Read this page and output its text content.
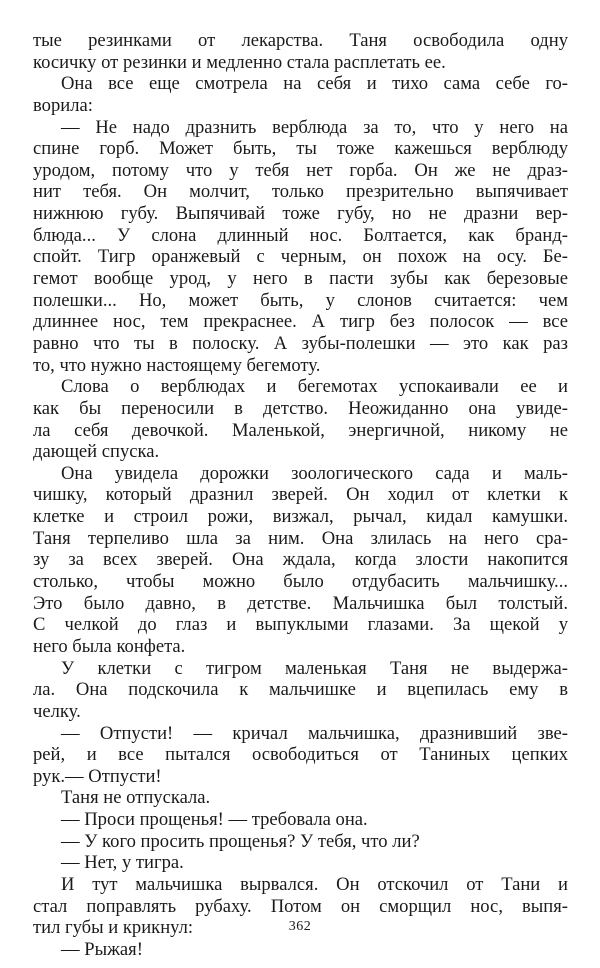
тые резинками от лекарства. Таня освободила одну
косичку от резинки и медленно стала расплетать ее.
Она все еще смотрела на себя и тихо сама себе го-
ворила:
— Не надо дразнить верблюда за то, что у него на
спине горб. Может быть, ты тоже кажешься верблюду
уродом, потому что у тебя нет горба. Он же не драз-
нит тебя. Он молчит, только презрительно выпячивает
нижнюю губу. Выпячивай тоже губу, но не дразни вер-
блюда... У слона длинный нос. Болтается, как бранд-
спойт. Тигр оранжевый с черным, он похож на осу. Бе-
гемот вообще урод, у него в пасти зубы как березовые
полешки... Но, может быть, у слонов считается: чем
длиннее нос, тем прекраснее. А тигр без полосок — все
равно что ты в полоску. А зубы-полешки — это как раз
то, что нужно настоящему бегемоту.
Слова о верблюдах и бегемотах успокаивали ее и
как бы переносили в детство. Неожиданно она увиде-
ла себя девочкой. Маленькой, энергичной, никому не
дающей спуска.
Она увидела дорожки зоологического сада и маль-
чишку, который дразнил зверей. Он ходил от клетки к
клетке и строил рожи, визжал, рычал, кидал камушки.
Таня терпеливо шла за ним. Она злилась на него сра-
зу за всех зверей. Она ждала, когда злости накопится
столько, чтобы можно было отдубасить мальчишку...
Это было давно, в детстве. Мальчишка был толстый.
С челкой до глаз и выпуклыми глазами. За щекой у
него была конфета.
У клетки с тигром маленькая Таня не выдержа-
ла. Она подскочила к мальчишке и вцепилась ему в
челку.
— Отпусти! — кричал мальчишка, дразнивший зве-
рей, и все пытался освободиться от Таниных цепких
рук.— Отпусти!
Таня не отпускала.
— Проси прощенья! — требовала она.
— У кого просить прощенья? У тебя, что ли?
— Нет, у тигра.
И тут мальчишка вырвался. Он отскочил от Тани и
стал поправлять рубаху. Потом он сморщил нос, выпя-
тил губы и крикнул:
— Рыжая!
362
